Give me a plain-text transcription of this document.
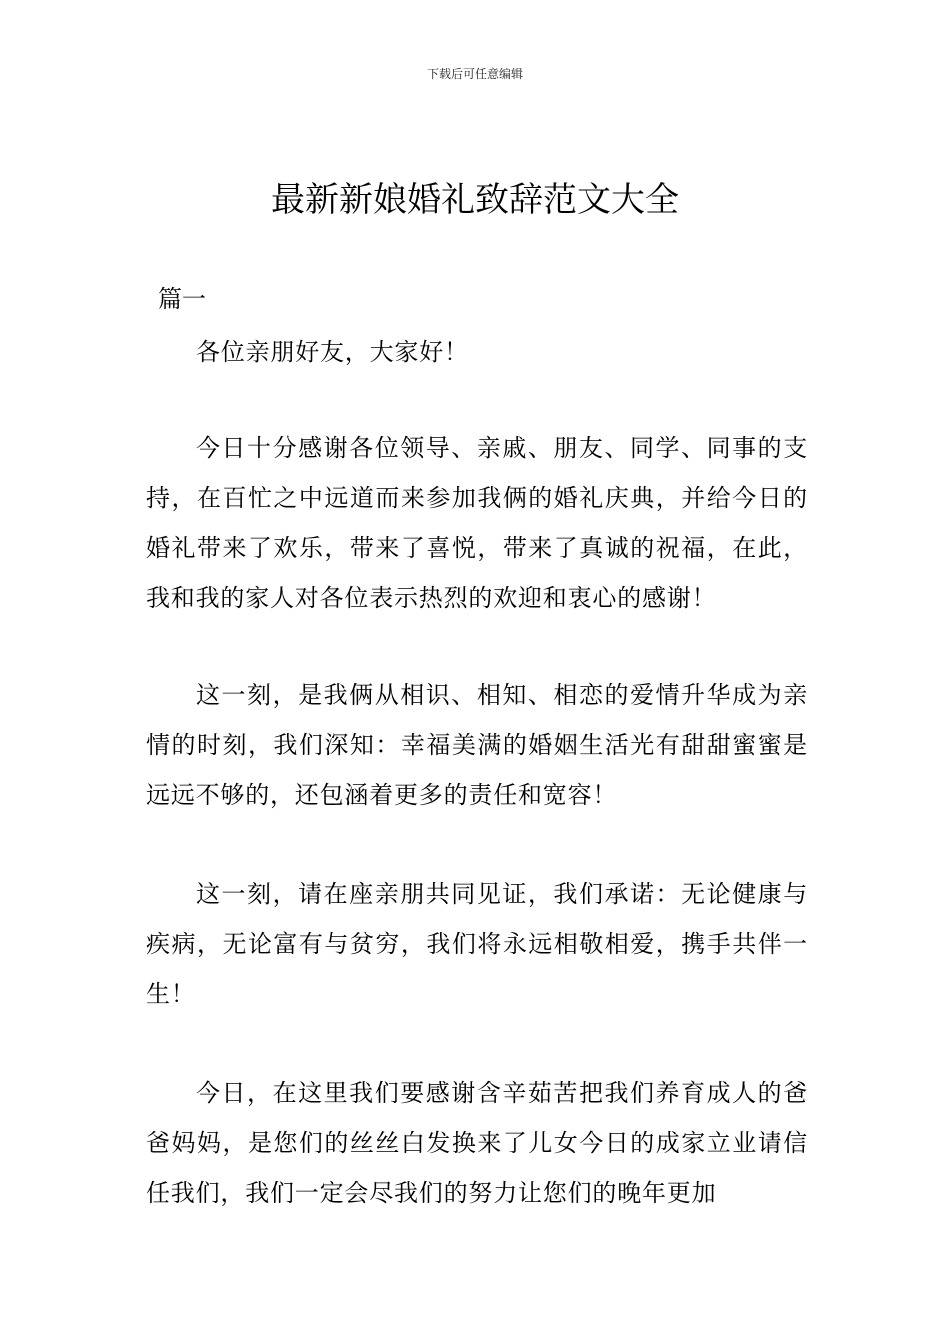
下载后可任意编辑
最新新娘婚礼致辞范文大全
篇一

各位亲朋好友，大家好！

今日十分感谢各位领导、亲戚、朋友、同学、同事的支持，在百忙之中远道而来参加我俩的婚礼庆典，并给今日的婚礼带来了欢乐，带来了喜悦，带来了真诚的祝福，在此，我和我的家人对各位表示热烈的欢迎和衷心的感谢！

这一刻，是我俩从相识、相知、相恋的爱情升华成为亲情的时刻，我们深知：幸福美满的婚姻生活光有甜甜蜜蜜是远远不够的，还包涵着更多的责任和宽容！

这一刻，请在座亲朋共同见证，我们承诺：无论健康与疾病，无论富有与贫穷，我们将永远相敬相爱，携手共伴一生！

今日，在这里我们要感谢含辛茹苦把我们养育成人的爸爸妈妈，是您们的丝丝白发换来了儿女今日的成家立业请信任我们，我们一定会尽我们的努力让您们的晚年更加
